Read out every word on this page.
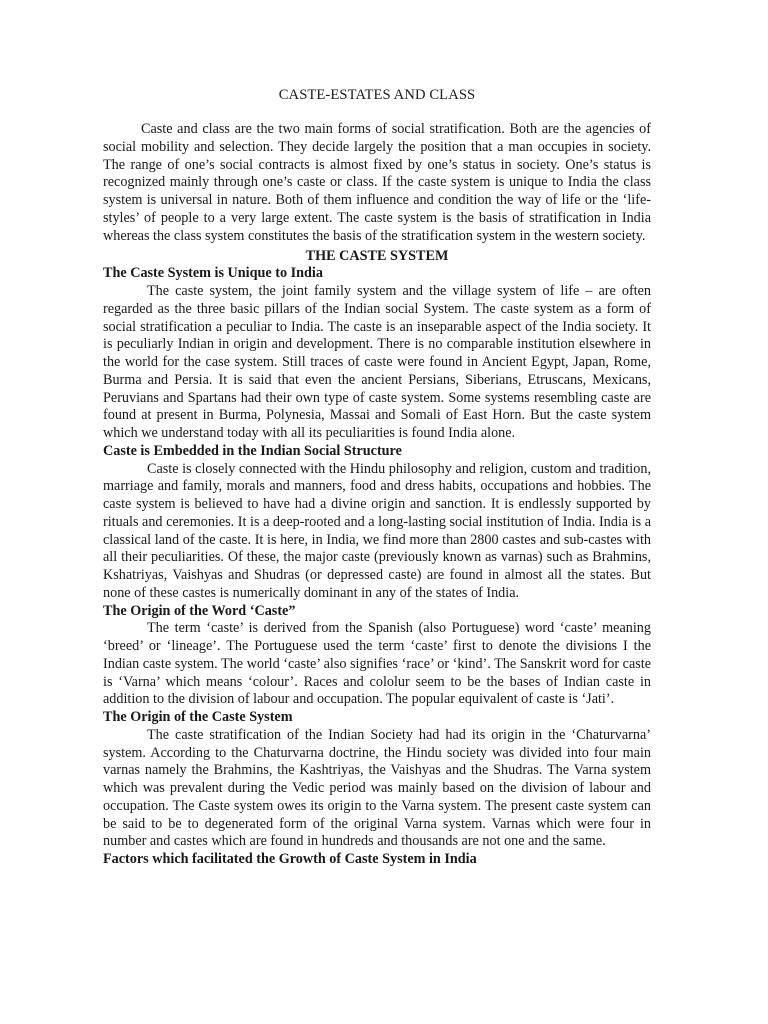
CASTE-ESTATES AND CLASS

Caste and class are the two main forms of social stratification. Both are the agencies of social mobility and selection. They decide largely the position that a man occupies in society. The range of one’s social contracts is almost fixed by one’s status in society. One’s status is recognized mainly through one’s caste or class. If the caste system is unique to India the class system is universal in nature. Both of them influence and condition the way of life or the ‘life-styles’ of people to a very large extent. The caste system is the basis of stratification in India whereas the class system constitutes the basis of the stratification system in the western society.

THE CASTE SYSTEM
The Caste System is Unique to India

The caste system, the joint family system and the village system of life – are often regarded as the three basic pillars of the Indian social System. The caste system as a form of social stratification a peculiar to India. The caste is an inseparable aspect of the India society. It is peculiarly Indian in origin and development. There is no comparable institution elsewhere in the world for the case system. Still traces of caste were found in Ancient Egypt, Japan, Rome, Burma and Persia. It is said that even the ancient Persians, Siberians, Etruscans, Mexicans, Peruvians and Spartans had their own type of caste system. Some systems resembling caste are found at present in Burma, Polynesia, Massai and Somali of East Horn. But the caste system which we understand today with all its peculiarities is found India alone.

Caste is Embedded in the Indian Social Structure

Caste is closely connected with the Hindu philosophy and religion, custom and tradition, marriage and family, morals and manners, food and dress habits, occupations and hobbies. The caste system is believed to have had a divine origin and sanction. It is endlessly supported by rituals and ceremonies. It is a deep-rooted and a long-lasting social institution of India. India is a classical land of the caste. It is here, in India, we find more than 2800 castes and sub-castes with all their peculiarities. Of these, the major caste (previously known as varnas) such as Brahmins, Kshatriyas, Vaishyas and Shudras (or depressed caste) are found in almost all the states. But none of these castes is numerically dominant in any of the states of India.

The Origin of the Word ‘Caste”

The term ‘caste’ is derived from the Spanish (also Portuguese) word ‘caste’ meaning ‘breed’ or ‘lineage’. The Portuguese used the term ‘caste’ first to denote the divisions I the Indian caste system. The world ‘caste’ also signifies ‘race’ or ‘kind’. The Sanskrit word for caste is ‘Varna’ which means ‘colour’. Races and cololur seem to be the bases of Indian caste in addition to the division of labour and occupation. The popular equivalent of caste is ‘Jati’.

The Origin of the Caste System

The caste stratification of the Indian Society had had its origin in the ‘Chaturvarna’ system. According to the Chaturvarna doctrine, the Hindu society was divided into four main varnas namely the Brahmins, the Kashtriyas, the Vaishyas and the Shudras. The Varna system which was prevalent during the Vedic period was mainly based on the division of labour and occupation. The Caste system owes its origin to the Varna system. The present caste system can be said to be to degenerated form of the original Varna system. Varnas which were four in number and castes which are found in hundreds and thousands are not one and the same.

Factors which facilitated the Growth of Caste System in India
